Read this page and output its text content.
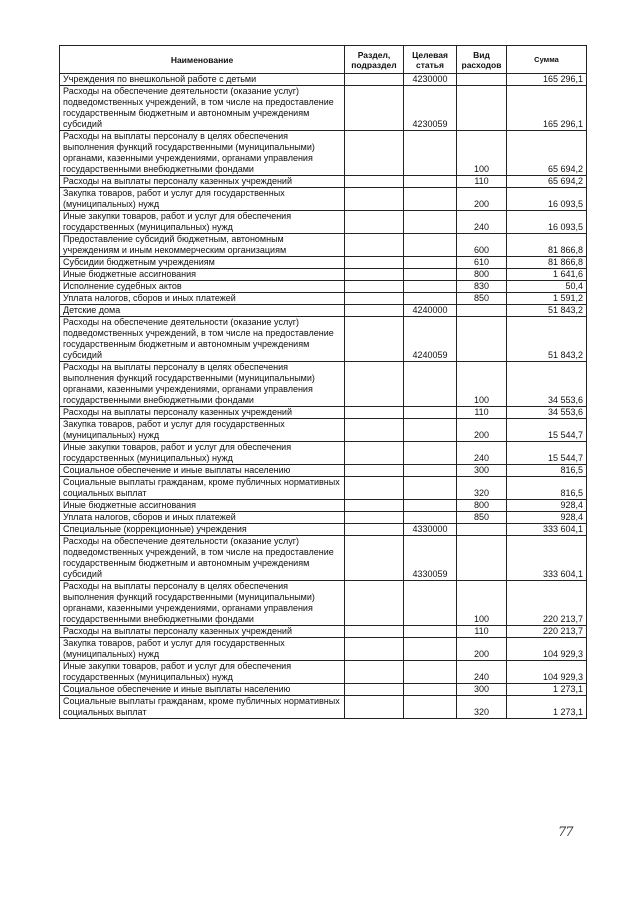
Наименование	Раздел, подраздел	Целевая статья	Вид расходов	Сумма
Учреждения по внешкольной работе с детьми		4230000		165 296,1
Расходы на обеспечение деятельности (оказание услуг) подведомственных учреждений, в том числе на предоставление государственным бюджетным и автономным учреждениям субсидий		4230059		165 296,1
Расходы на выплаты персоналу в целях обеспечения выполнения функций государственными (муниципальными) органами, казенными учреждениями, органами управления государственными внебюджетными фондами			100	65 694,2
Расходы на выплаты персоналу казенных учреждений			110	65 694,2
Закупка товаров, работ и услуг для государственных (муниципальных) нужд			200	16 093,5
Иные закупки товаров, работ и услуг для обеспечения государственных (муниципальных) нужд			240	16 093,5
Предоставление субсидий бюджетным, автономным учреждениям и иным некоммерческим организациям			600	81 866,8
Субсидии бюджетным учреждениям			610	81 866,8
Иные бюджетные ассигнования			800	1 641,6
Исполнение судебных актов			830	50,4
Уплата налогов, сборов и иных платежей			850	1 591,2
Детские дома		4240000		51 843,2
Расходы на обеспечение деятельности (оказание услуг) подведомственных учреждений, в том числе на предоставление государственным бюджетным и автономным учреждениям субсидий		4240059		51 843,2
Расходы на выплаты персоналу в целях обеспечения выполнения функций государственными (муниципальными) органами, казенными учреждениями, органами управления государственными внебюджетными фондами			100	34 553,6
Расходы на выплаты персоналу казенных учреждений			110	34 553,6
Закупка товаров, работ и услуг для государственных (муниципальных) нужд			200	15 544,7
Иные закупки товаров, работ и услуг для обеспечения государственных (муниципальных) нужд			240	15 544,7
Социальное обеспечение и иные выплаты населению			300	816,5
Социальные выплаты гражданам, кроме публичных нормативных социальных выплат			320	816,5
Иные бюджетные ассигнования			800	928,4
Уплата налогов, сборов и иных платежей			850	928,4
Специальные (коррекционные) учреждения		4330000		333 604,1
Расходы на обеспечение деятельности (оказание услуг) подведомственных учреждений, в том числе на предоставление государственным бюджетным и автономным учреждениям субсидий		4330059		333 604,1
Расходы на выплаты персоналу в целях обеспечения выполнения функций государственными (муниципальными) органами, казенными учреждениями, органами управления государственными внебюджетными фондами			100	220 213,7
Расходы на выплаты персоналу казенных учреждений			110	220 213,7
Закупка товаров, работ и услуг для государственных (муниципальных) нужд			200	104 929,3
Иные закупки товаров, работ и услуг для обеспечения государственных (муниципальных) нужд			240	104 929,3
Социальное обеспечение и иные выплаты населению			300	1 273,1
Социальные выплаты гражданам, кроме публичных нормативных социальных выплат			320	1 273,1
77
